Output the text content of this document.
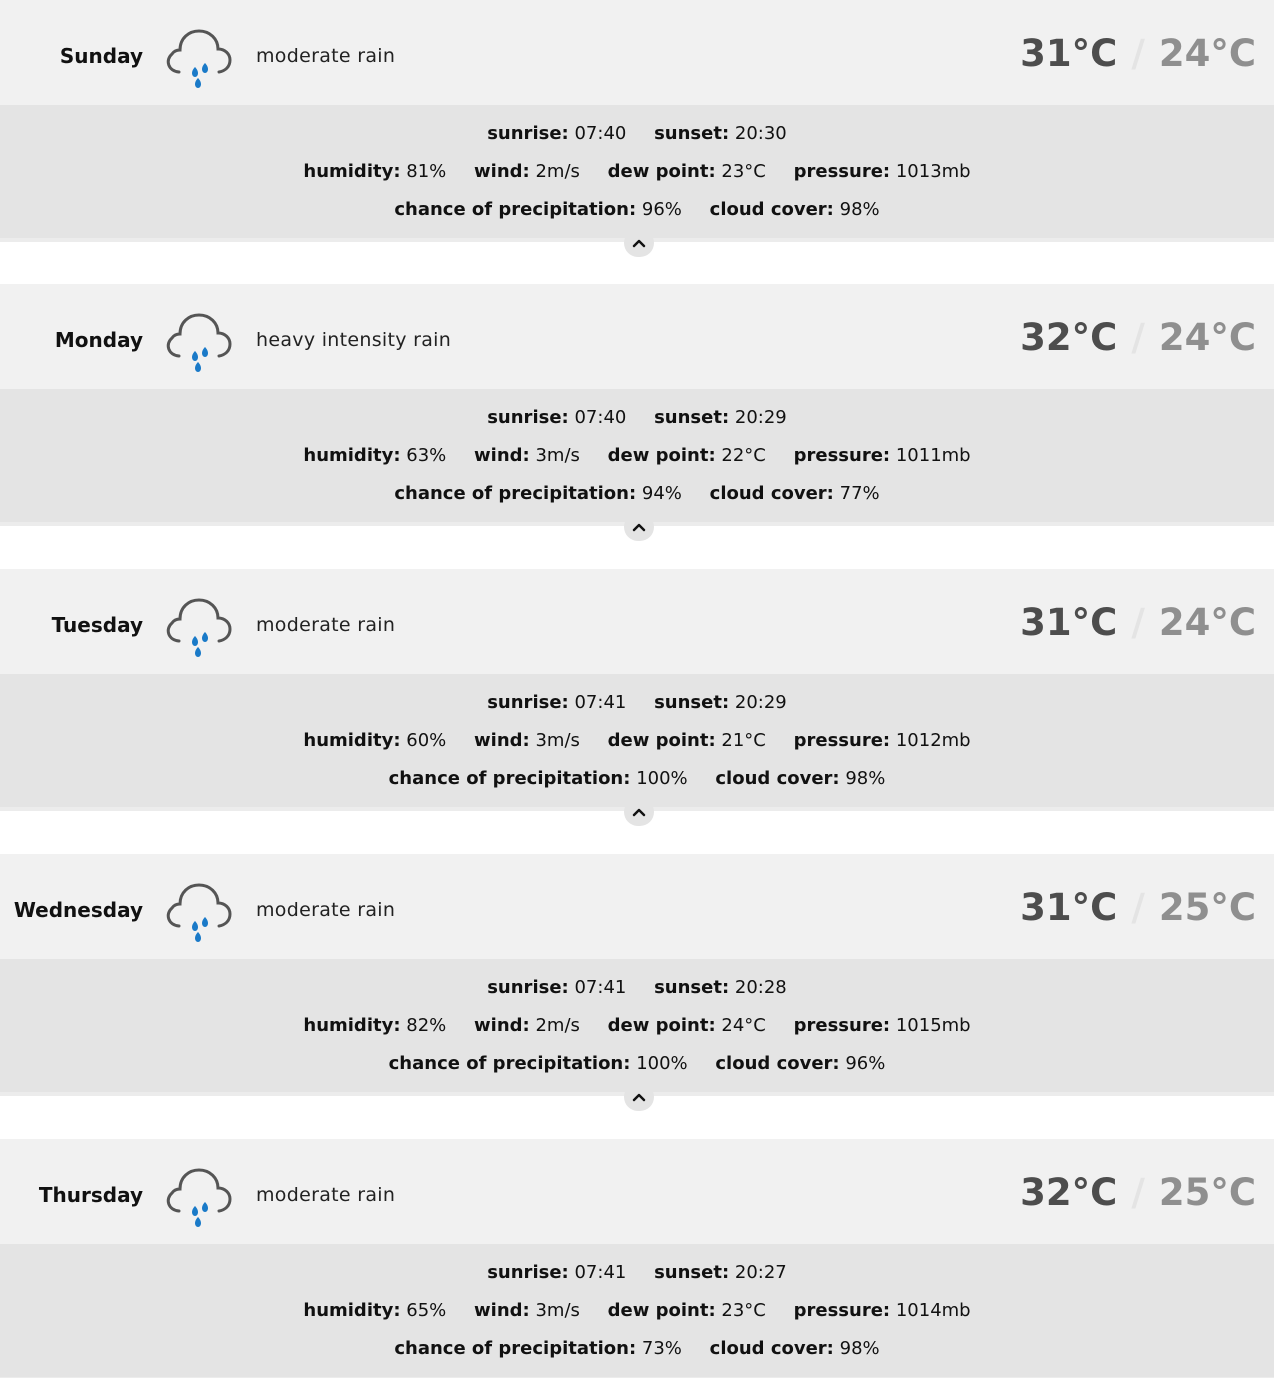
Sunday	moderate rain	31°C / 24°C
sunrise: 07:40 sunset: 20:30
humidity: 81% wind: 2m/s dew point: 23°C pressure: 1013mb
chance of precipitation: 96% cloud cover: 98%
Monday	heavy intensity rain	32°C / 24°C
sunrise: 07:40 sunset: 20:29
humidity: 63% wind: 3m/s dew point: 22°C pressure: 1011mb
chance of precipitation: 94% cloud cover: 77%
Tuesday	moderate rain	31°C / 24°C
sunrise: 07:41 sunset: 20:29
humidity: 60% wind: 3m/s dew point: 21°C pressure: 1012mb
chance of precipitation: 100% cloud cover: 98%
Wednesday	moderate rain	31°C / 25°C
sunrise: 07:41 sunset: 20:28
humidity: 82% wind: 2m/s dew point: 24°C pressure: 1015mb
chance of precipitation: 100% cloud cover: 96%
Thursday	moderate rain	32°C / 25°C
sunrise: 07:41 sunset: 20:27
humidity: 65% wind: 3m/s dew point: 23°C pressure: 1014mb
chance of precipitation: 73% cloud cover: 98%
